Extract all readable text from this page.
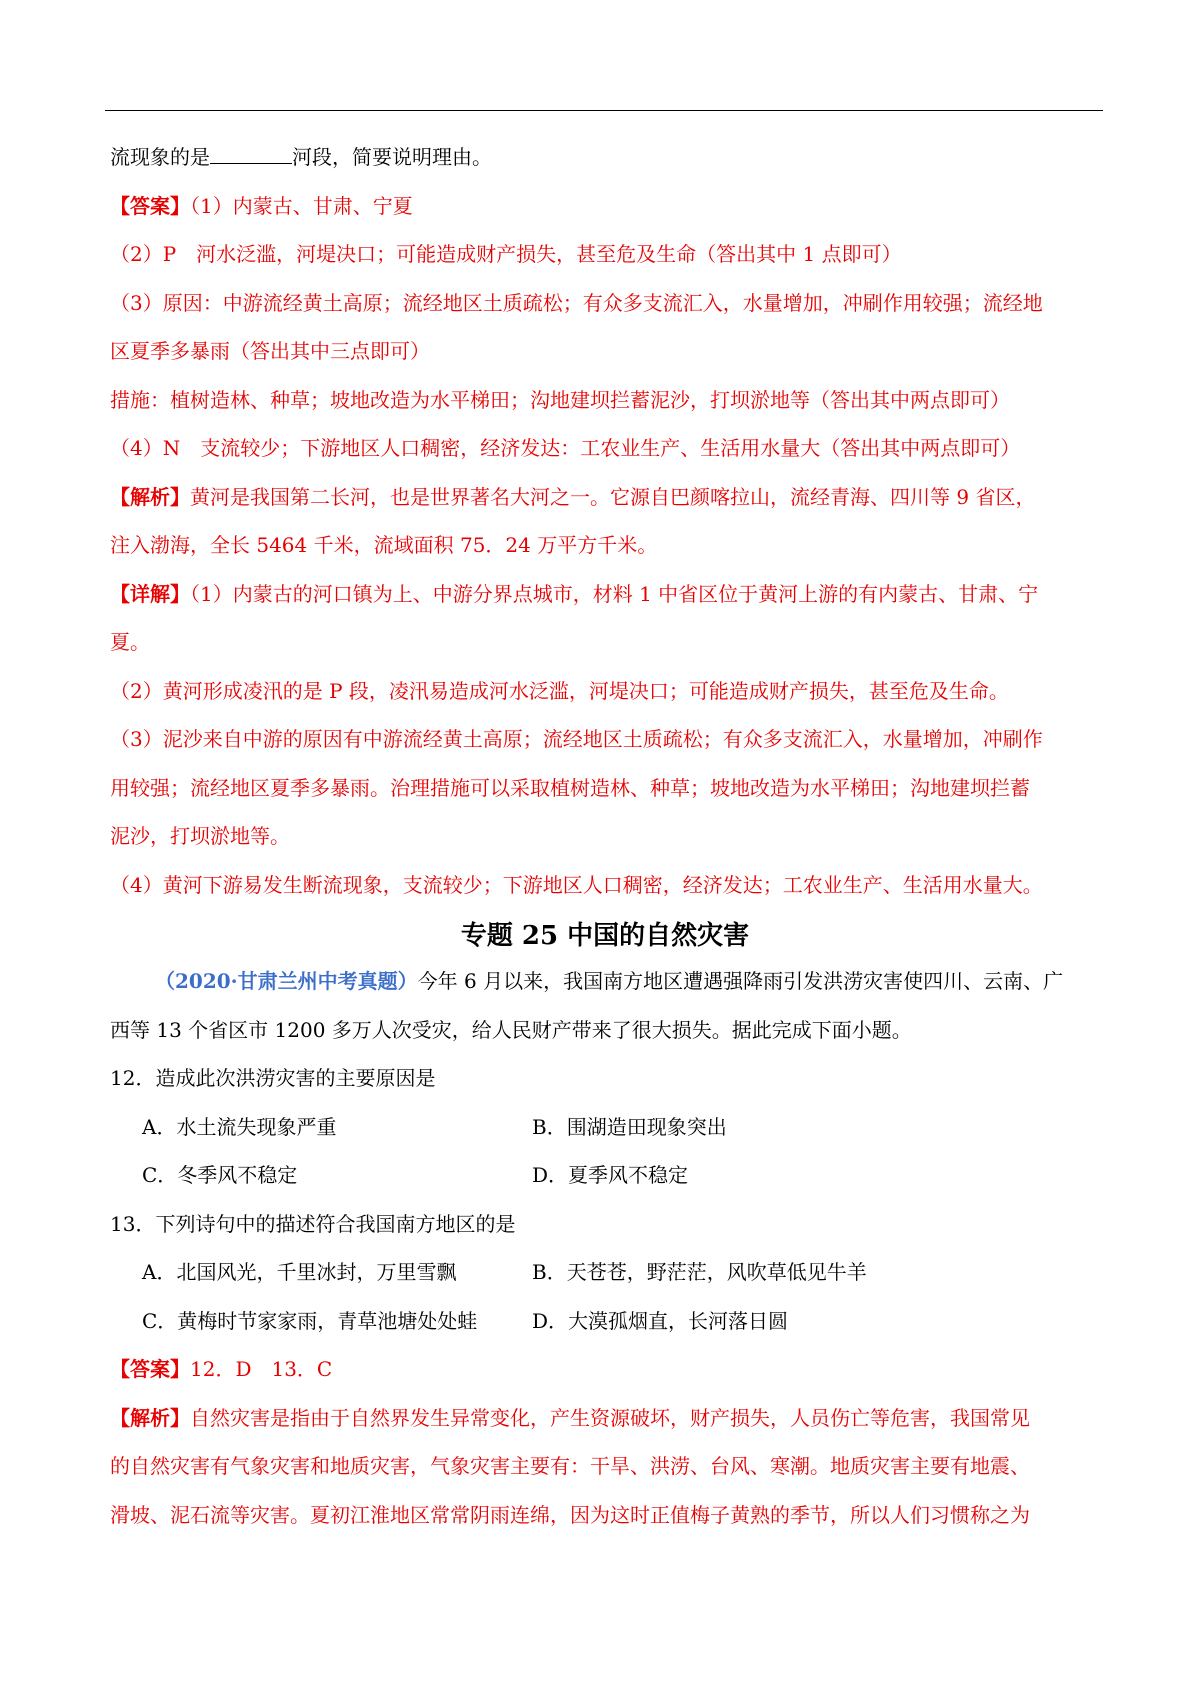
流现象的是	河段，简要说明理由。
【答案】（1）内蒙古、甘肃、宁夏
（2）P　河水泛滥，河堤决口；可能造成财产损失，甚至危及生命（答出其中 1 点即可）
（3）原因：中游流经黄土高原；流经地区土质疏松；有众多支流汇入，水量增加，冲刷作用较强；流经地
区夏季多暴雨（答出其中三点即可）
措施：植树造林、种草；坡地改造为水平梯田；沟地建坝拦蓄泥沙，打坝淤地等（答出其中两点即可）
（4）N　支流较少；下游地区人口稠密，经济发达：工农业生产、生活用水量大（答出其中两点即可）
【解析】黄河是我国第二长河，也是世界著名大河之一。它源自巴颜喀拉山，流经青海、四川等 9 省区，
注入渤海，全长 5464 千米，流域面积 75．24 万平方千米。
【详解】（1）内蒙古的河口镇为上、中游分界点城市，材料 1 中省区位于黄河上游的有内蒙古、甘肃、宁
夏。
（2）黄河形成凌汛的是 P 段，凌汛易造成河水泛滥，河堤决口；可能造成财产损失，甚至危及生命。
（3）泥沙来自中游的原因有中游流经黄土高原；流经地区土质疏松；有众多支流汇入，水量增加，冲刷作
用较强；流经地区夏季多暴雨。治理措施可以采取植树造林、种草；坡地改造为水平梯田；沟地建坝拦蓄
泥沙，打坝淤地等。
（4）黄河下游易发生断流现象，支流较少；下游地区人口稠密，经济发达；工农业生产、生活用水量大。
专题 25 中国的自然灾害
（2020·甘肃兰州中考真题）今年 6 月以来，我国南方地区遭遇强降雨引发洪涝灾害使四川、云南、广
西等 13 个省区市 1200 多万人次受灾，给人民财产带来了很大损失。据此完成下面小题。
12．造成此次洪涝灾害的主要原因是
A．水土流失现象严重	B．围湖造田现象突出
C．冬季风不稳定	D．夏季风不稳定
13．下列诗句中的描述符合我国南方地区的是
A．北国风光，千里冰封，万里雪飘	B．天苍苍，野茫茫，风吹草低见牛羊
C．黄梅时节家家雨，青草池塘处处蛙	D．大漠孤烟直，长河落日圆
【答案】12．D　13．C
【解析】自然灾害是指由于自然界发生异常变化，产生资源破坏，财产损失，人员伤亡等危害，我国常见
的自然灾害有气象灾害和地质灾害，气象灾害主要有：干旱、洪涝、台风、寒潮。地质灾害主要有地震、
滑坡、泥石流等灾害。夏初江淮地区常常阴雨连绵，因为这时正值梅子黄熟的季节，所以人们习惯称之为
